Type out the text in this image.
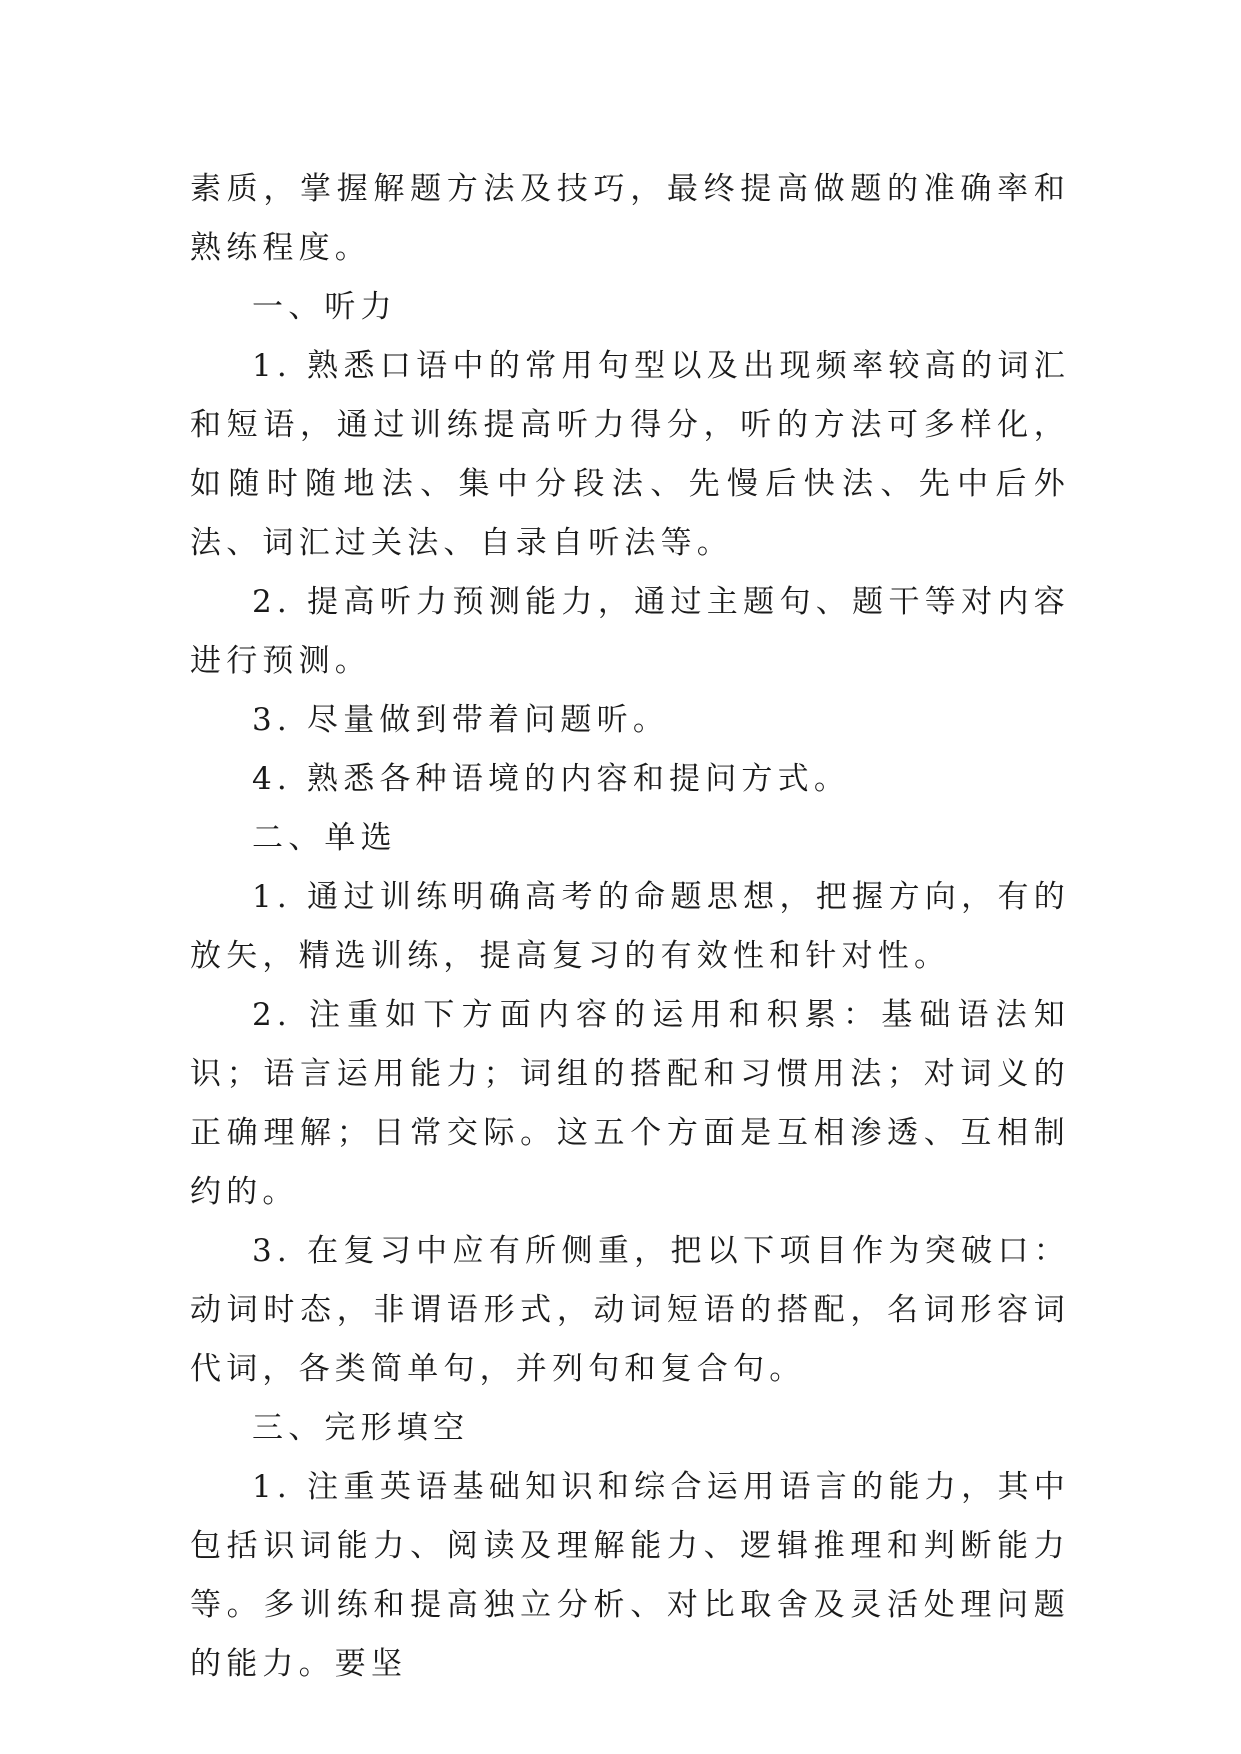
素质，掌握解题方法及技巧，最终提高做题的准确率和熟练程度。

一、听力

1. 熟悉口语中的常用句型以及出现频率较高的词汇和短语，通过训练提高听力得分，听的方法可多样化，如随时随地法、集中分段法、先慢后快法、先中后外法、词汇过关法、自录自听法等。

2. 提高听力预测能力，通过主题句、题干等对内容进行预测。

3. 尽量做到带着问题听。

4. 熟悉各种语境的内容和提问方式。

二、单选

1. 通过训练明确高考的命题思想，把握方向，有的放矢，精选训练，提高复习的有效性和针对性。

2. 注重如下方面内容的运用和积累：基础语法知识；语言运用能力；词组的搭配和习惯用法；对词义的正确理解；日常交际。这五个方面是互相渗透、互相制约的。

3. 在复习中应有所侧重，把以下项目作为突破口：动词时态，非谓语形式，动词短语的搭配，名词形容词代词，各类简单句，并列句和复合句。

三、完形填空

1. 注重英语基础知识和综合运用语言的能力，其中包括识词能力、阅读及理解能力、逻辑推理和判断能力等。多训练和提高独立分析、对比取舍及灵活处理问题的能力。要坚
